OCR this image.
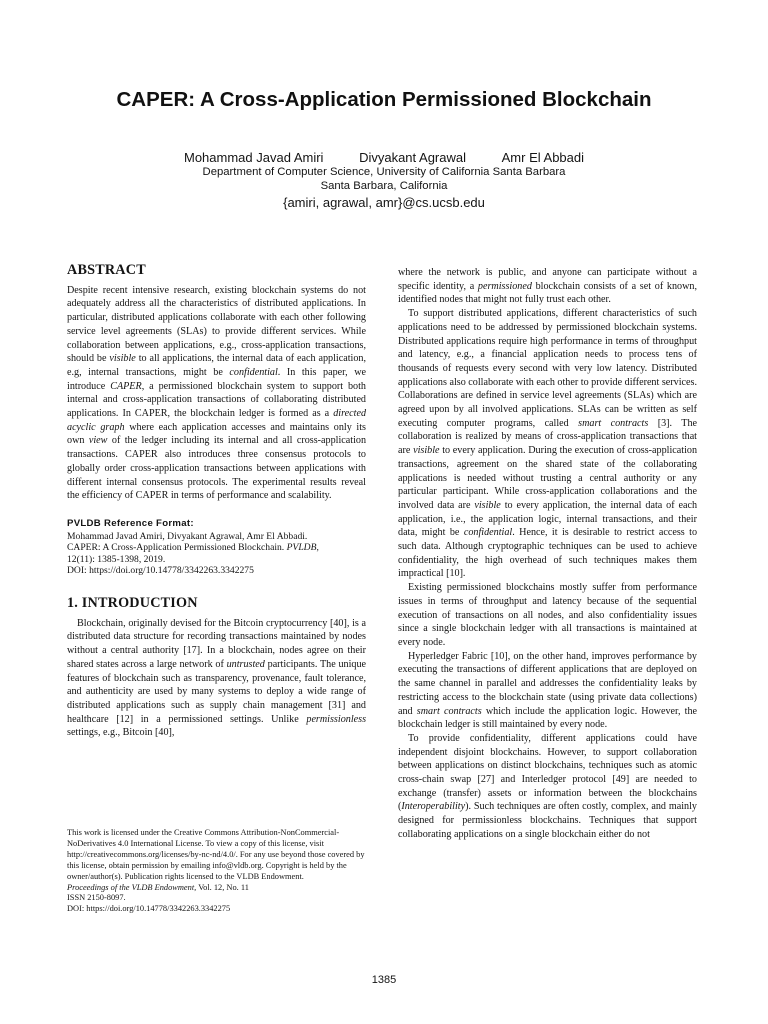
CAPER: A Cross-Application Permissioned Blockchain
Mohammad Javad Amiri	Divyakant Agrawal	Amr El Abbadi
Department of Computer Science, University of California Santa Barbara
Santa Barbara, California
{amiri, agrawal, amr}@cs.ucsb.edu
ABSTRACT

Despite recent intensive research, existing blockchain systems do not adequately address all the characteristics of distributed applications. In particular, distributed applications collaborate with each other following service level agreements (SLAs) to provide different services. While collaboration between applications, e.g., cross-application transactions, should be visible to all applications, the internal data of each application, e.g, internal transactions, might be confidential. In this paper, we introduce CAPER, a permissioned blockchain system to support both internal and cross-application transactions of collaborating distributed applications. In CAPER, the blockchain ledger is formed as a directed acyclic graph where each application accesses and maintains only its own view of the ledger including its internal and all cross-application transactions. CAPER also introduces three consensus protocols to globally order cross-application transactions between applications with different internal consensus protocols. The experimental results reveal the efficiency of CAPER in terms of performance and scalability.

PVLDB Reference Format:
Mohammad Javad Amiri, Divyakant Agrawal, Amr El Abbadi.
CAPER: A Cross-Application Permissioned Blockchain. PVLDB,
12(11): 1385-1398, 2019.
DOI: https://doi.org/10.14778/3342263.3342275
1. INTRODUCTION

Blockchain, originally devised for the Bitcoin cryptocurrency [40], is a distributed data structure for recording transactions maintained by nodes without a central authority [17]. In a blockchain, nodes agree on their shared states across a large network of untrusted participants. The unique features of blockchain such as transparency, provenance, fault tolerance, and authenticity are used by many systems to deploy a wide range of distributed applications such as supply chain management [31] and healthcare [12] in a permissioned settings. Unlike permissionless settings, e.g., Bitcoin [40],

This work is licensed under the Creative Commons Attribution-NonCommercial-NoDerivatives 4.0 International License. To view a copy of this license, visit http://creativecommons.org/licenses/by-nc-nd/4.0/. For any use beyond those covered by this license, obtain permission by emailing info@vldb.org. Copyright is held by the owner/author(s). Publication rights licensed to the VLDB Endowment.
Proceedings of the VLDB Endowment, Vol. 12, No. 11
ISSN 2150-8097.
DOI: https://doi.org/10.14778/3342263.3342275

where the network is public, and anyone can participate without a specific identity, a permissioned blockchain consists of a set of known, identified nodes that might not fully trust each other.

To support distributed applications, different characteristics of such applications need to be addressed by permissioned blockchain systems. Distributed applications require high performance in terms of throughput and latency, e.g., a financial application needs to process tens of thousands of requests every second with very low latency. Distributed applications also collaborate with each other to provide different services. Collaborations are defined in service level agreements (SLAs) which are agreed upon by all involved applications. SLAs can be written as self executing computer programs, called smart contracts [3]. The collaboration is realized by means of cross-application transactions that are visible to every application. During the execution of cross-application transactions, agreement on the shared state of the collaborating applications is needed without trusting a central authority or any particular participant. While cross-application collaborations and the involved data are visible to every application, the internal data of each application, i.e., the application logic, internal transactions, and their data, might be confidential. Hence, it is desirable to restrict access to such data. Although cryptographic techniques can be used to achieve confidentiality, the high overhead of such techniques makes them impractical [10].

Existing permissioned blockchains mostly suffer from performance issues in terms of throughput and latency because of the sequential execution of transactions on all nodes, and also confidentiality issues since a single blockchain ledger with all transactions is maintained at every node.

Hyperledger Fabric [10], on the other hand, improves performance by executing the transactions of different applications that are deployed on the same channel in parallel and addresses the confidentiality leaks by restricting access to the blockchain state (using private data collections) and smart contracts which include the application logic. However, the blockchain ledger is still maintained by every node.

To provide confidentiality, different applications could have independent disjoint blockchains. However, to support collaboration between applications on distinct blockchains, techniques such as atomic cross-chain swap [27] and Interledger protocol [49] are needed to exchange (transfer) assets or information between the blockchains (Interoperability). Such techniques are often costly, complex, and mainly designed for permissionless blockchains. Techniques that support collaborating applications on a single blockchain either do not

1385
